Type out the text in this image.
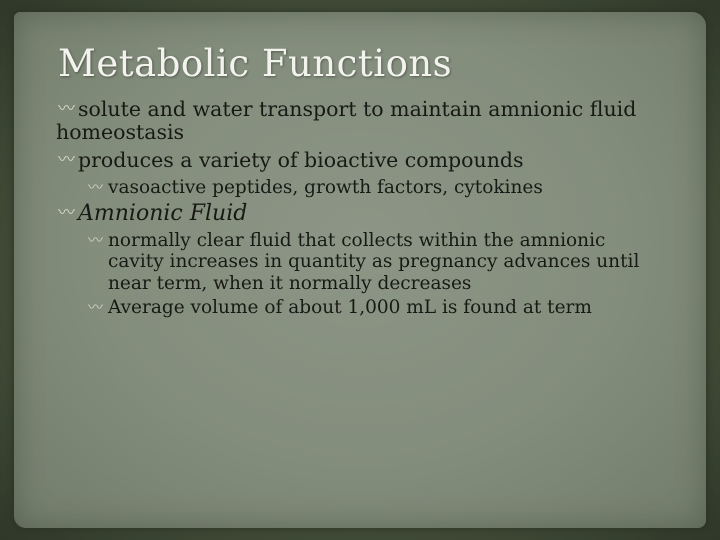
Metabolic Functions
〰 solute and water transport to maintain amnionic fluid
homeostasis
〰 produces a variety of bioactive compounds
〰 vasoactive peptides, growth factors, cytokines
〰 Amnionic Fluid
〰 normally clear fluid that collects within the amnionic
cavity increases in quantity as pregnancy advances until
near term, when it normally decreases
〰 Average volume of about 1,000 mL is found at term
